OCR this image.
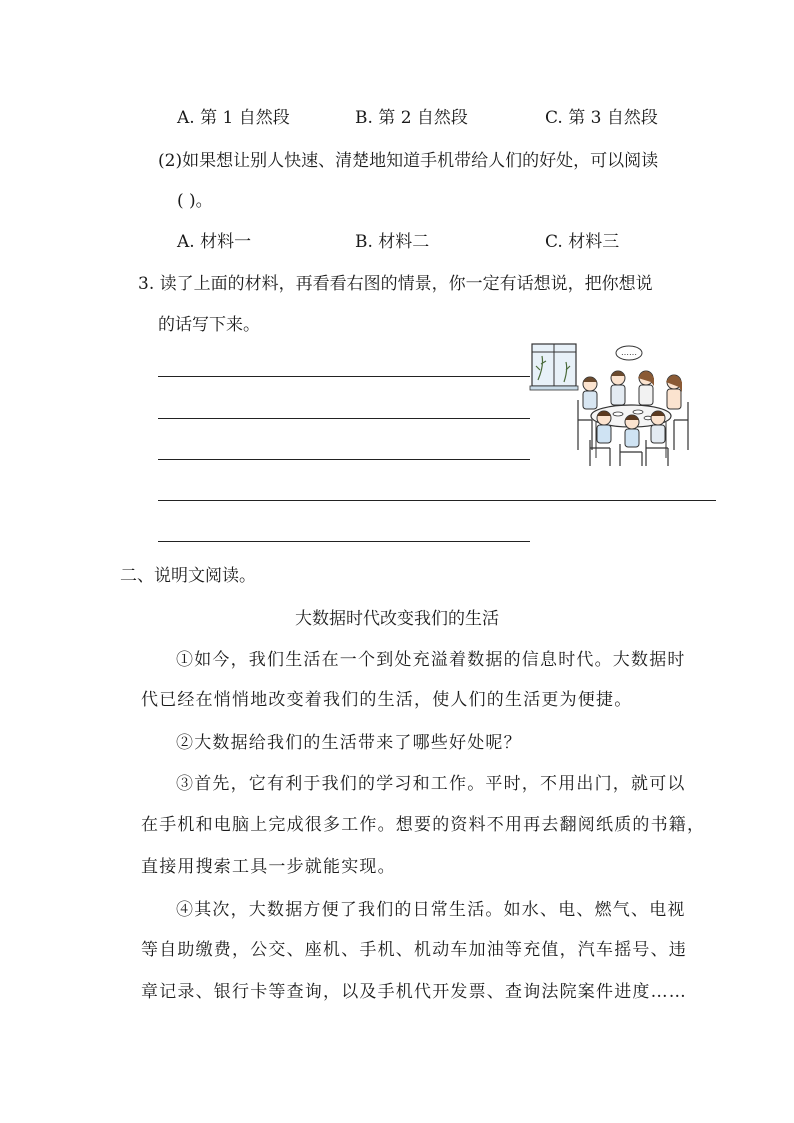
A. 第 1 自然段	B. 第 2 自然段	C. 第 3 自然段
(2)如果想让别人快速、清楚地知道手机带给人们的好处，可以阅读
( )。
A. 材料一	B. 材料二	C. 材料三
3. 读了上面的材料，再看看右图的情景，你一定有话想说，把你想说
的话写下来。
……
二、说明文阅读。
大数据时代改变我们的生活
①如今，我们生活在一个到处充溢着数据的信息时代。大数据时
代已经在悄悄地改变着我们的生活，使人们的生活更为便捷。
②大数据给我们的生活带来了哪些好处呢？
③首先，它有利于我们的学习和工作。平时，不用出门，就可以
在手机和电脑上完成很多工作。想要的资料不用再去翻阅纸质的书籍，
直接用搜索工具一步就能实现。
④其次，大数据方便了我们的日常生活。如水、电、燃气、电视
等自助缴费，公交、座机、手机、机动车加油等充值，汽车摇号、违
章记录、银行卡等查询，以及手机代开发票、查询法院案件进度……
